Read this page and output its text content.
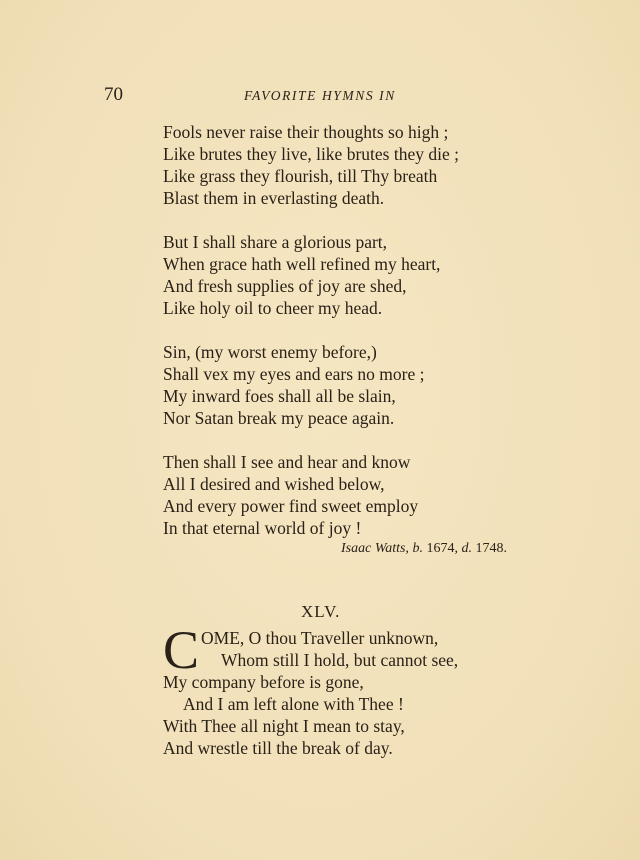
70	FAVORITE HYMNS IN
Fools never raise their thoughts so high ;
Like brutes they live, like brutes they die ;
Like grass they flourish, till Thy breath
Blast them in everlasting death.
But I shall share a glorious part,
When grace hath well refined my heart,
And fresh supplies of joy are shed,
Like holy oil to cheer my head.
Sin, (my worst enemy before,)
Shall vex my eyes and ears no more ;
My inward foes shall all be slain,
Nor Satan break my peace again.
Then shall I see and hear and know
All I desired and wished below,
And every power find sweet employ
In that eternal world of joy !
Isaac Watts, b. 1674, d. 1748.
XLV.
C OME, O thou Traveller unknown,
Whom still I hold, but cannot see,
My company before is gone,
And I am left alone with Thee !
With Thee all night I mean to stay,
And wrestle till the break of day.
